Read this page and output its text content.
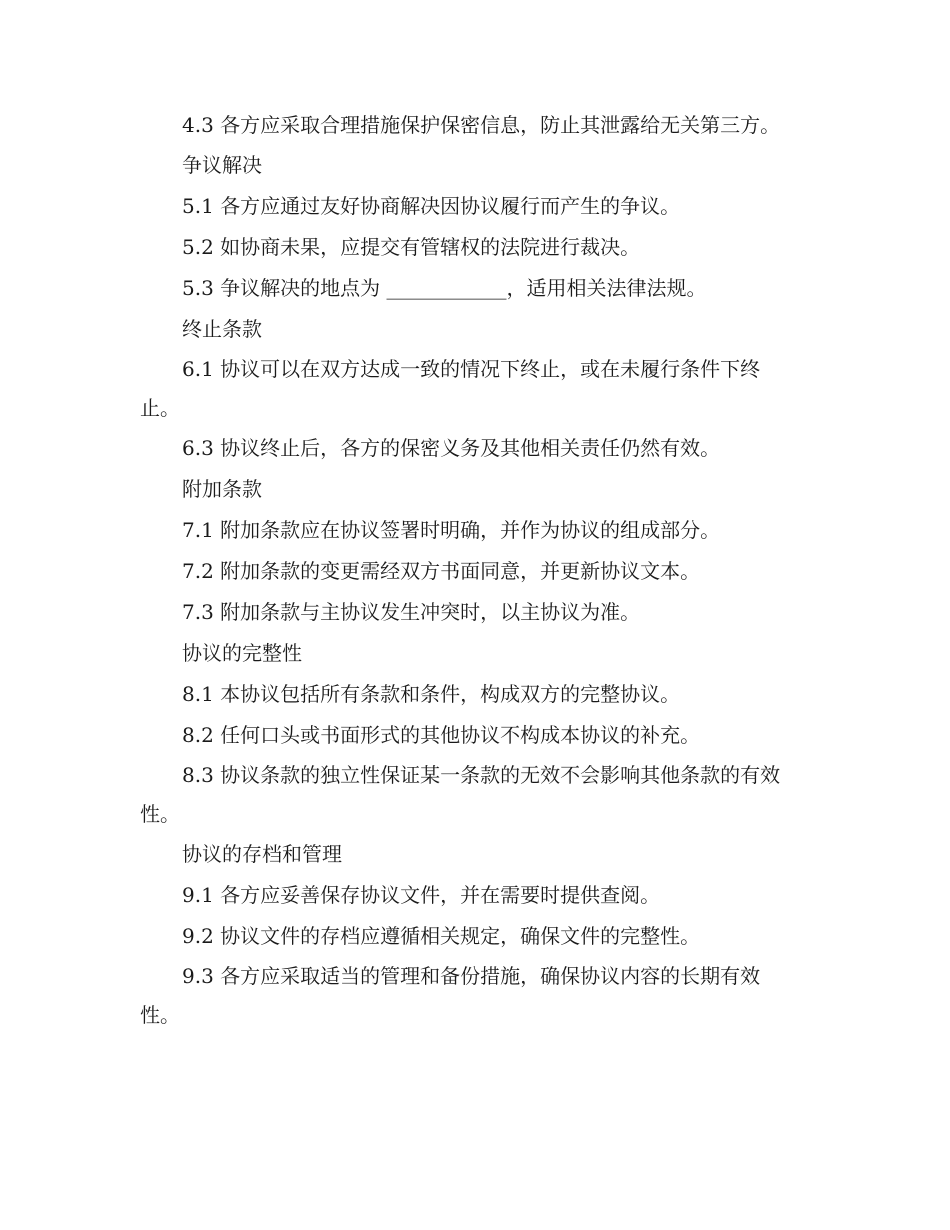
4.3 各方应采取合理措施保护保密信息，防止其泄露给无关第三方。

争议解决

5.1 各方应通过友好协商解决因协议履行而产生的争议。

5.2 如协商未果，应提交有管辖权的法院进行裁决。

5.3 争议解决的地点为 ____________，适用相关法律法规。

终止条款

6.1 协议可以在双方达成一致的情况下终止，或在未履行条件下终止。

6.3 协议终止后，各方的保密义务及其他相关责任仍然有效。

附加条款

7.1 附加条款应在协议签署时明确，并作为协议的组成部分。

7.2 附加条款的变更需经双方书面同意，并更新协议文本。

7.3 附加条款与主协议发生冲突时，以主协议为准。

协议的完整性

8.1 本协议包括所有条款和条件，构成双方的完整协议。

8.2 任何口头或书面形式的其他协议不构成本协议的补充。

8.3 协议条款的独立性保证某一条款的无效不会影响其他条款的有效性。

协议的存档和管理

9.1 各方应妥善保存协议文件，并在需要时提供查阅。

9.2 协议文件的存档应遵循相关规定，确保文件的完整性。

9.3 各方应采取适当的管理和备份措施，确保协议内容的长期有效性。
